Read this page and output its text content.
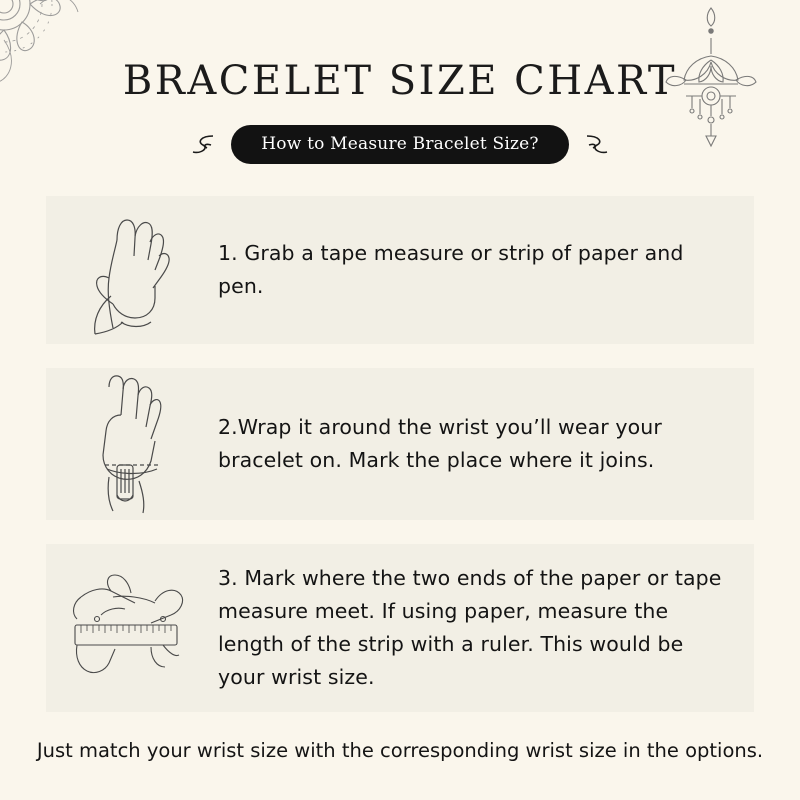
BRACELET SIZE CHART
How to Measure Bracelet Size?
1. Grab a tape measure or strip of paper and pen.
2.Wrap it around the wrist you’ll wear your bracelet on. Mark the place where it joins.
3. Mark where the two ends of the paper or tape measure meet. If using paper, measure the length of the strip with a ruler. This would be your wrist size.
Just match your wrist size with the corresponding wrist size in the options.
